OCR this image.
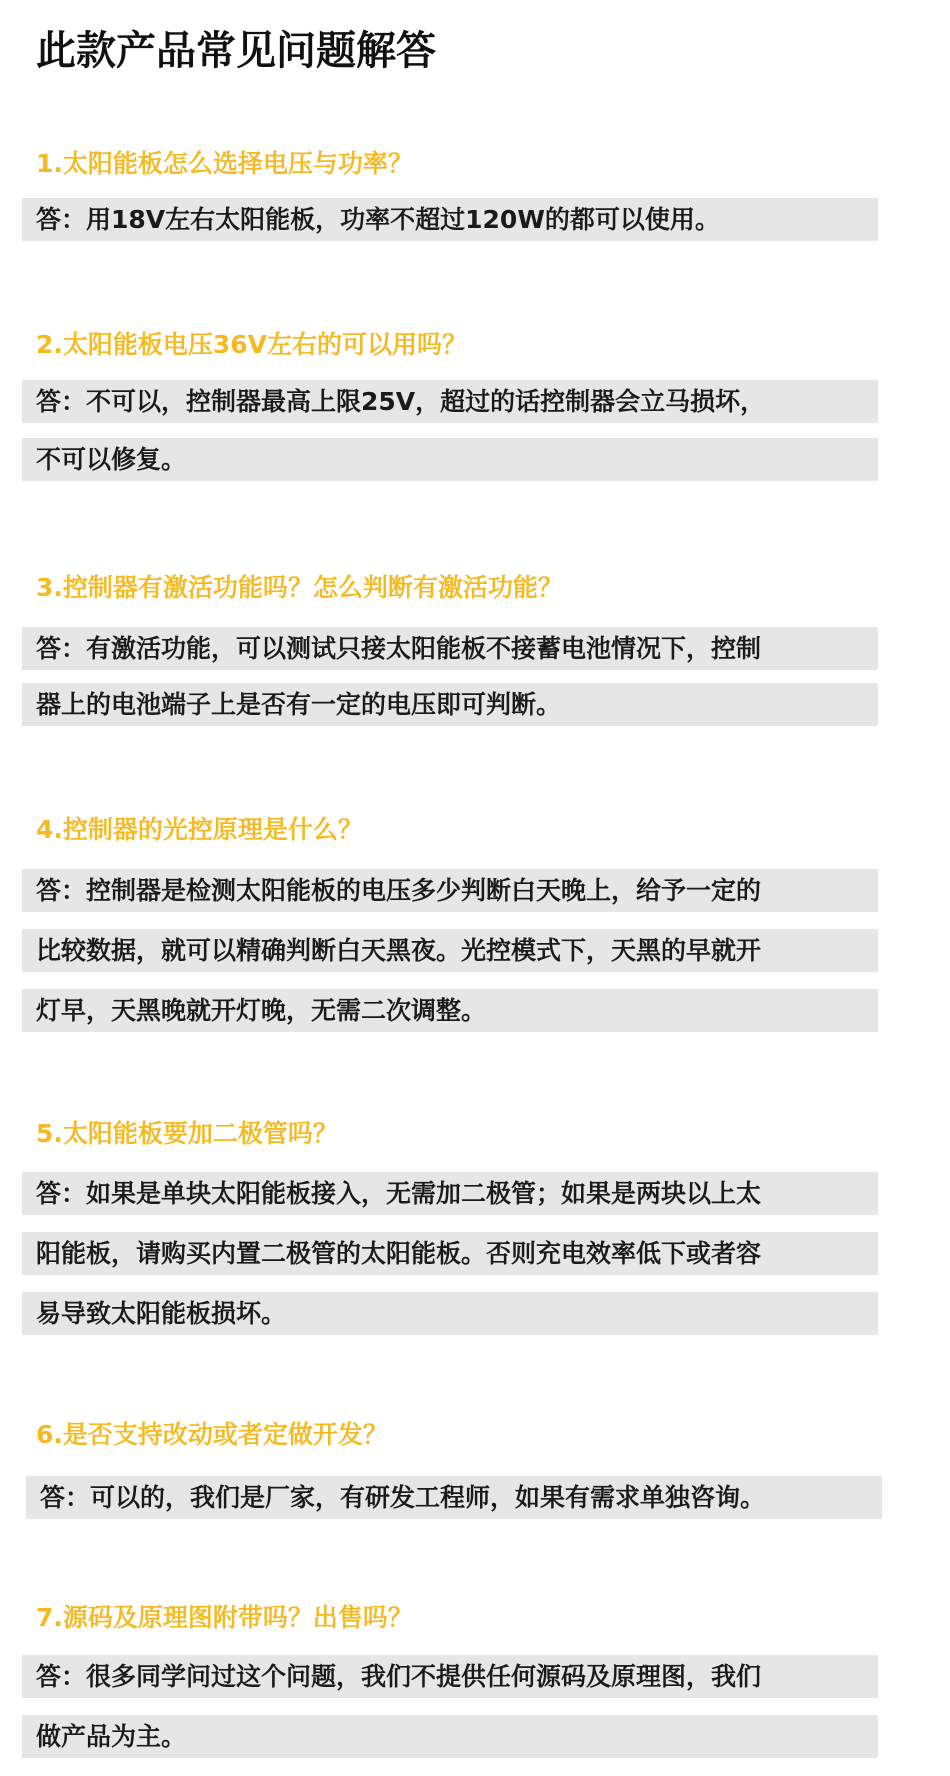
此款产品常见问题解答
1.太阳能板怎么选择电压与功率？
答：用18V左右太阳能板，功率不超过120W的都可以使用。
2.太阳能板电压36V左右的可以用吗？
答：不可以，控制器最高上限25V，超过的话控制器会立马损坏，
不可以修复。
3.控制器有激活功能吗？怎么判断有激活功能？
答：有激活功能，可以测试只接太阳能板不接蓄电池情况下，控制
器上的电池端子上是否有一定的电压即可判断。
4.控制器的光控原理是什么？
答：控制器是检测太阳能板的电压多少判断白天晚上，给予一定的
比较数据，就可以精确判断白天黑夜。光控模式下，天黑的早就开
灯早，天黑晚就开灯晚，无需二次调整。
5.太阳能板要加二极管吗？
答：如果是单块太阳能板接入，无需加二极管；如果是两块以上太
阳能板，请购买内置二极管的太阳能板。否则充电效率低下或者容
易导致太阳能板损坏。
6.是否支持改动或者定做开发？
答：可以的，我们是厂家，有研发工程师，如果有需求单独咨询。
7.源码及原理图附带吗？出售吗？
答：很多同学问过这个问题，我们不提供任何源码及原理图，我们
做产品为主。
